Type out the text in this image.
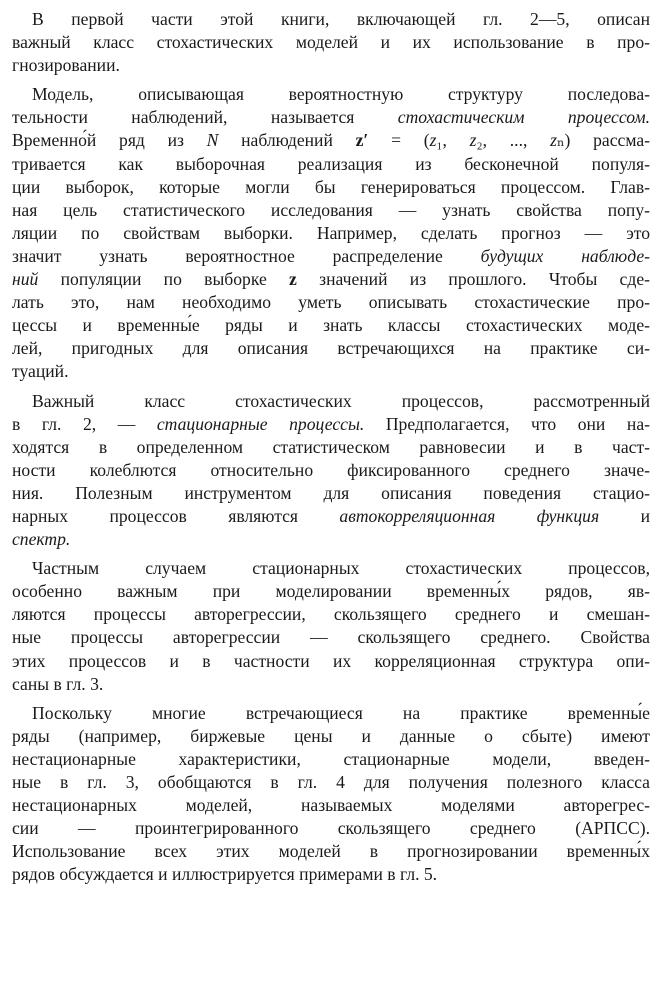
В первой части этой книги, включающей гл. 2—5, описан
важный класс стохастических моделей и их использование в про-
гнозировании.
Модель, описывающая вероятностную структуру последова-
тельности наблюдений, называется стохастическим процессом.
Временно́й ряд из N наблюдений z′ = (z₁, z₂, ..., zₙ) рассма-
тривается как выборочная реализация из бесконечной популя-
ции выборок, которые могли бы генерироваться процессом. Глав-
ная цель статистического исследования — узнать свойства попу-
ляции по свойствам выборки. Например, сделать прогноз — это
значит узнать вероятностное распределение будущих наблюде-
ний популяции по выборке z значений из прошлого. Чтобы сде-
лать это, нам необходимо уметь описывать стохастические про-
цессы и временны́е ряды и знать классы стохастических моде-
лей, пригодных для описания встречающихся на практике си-
туаций.
Важный класс стохастических процессов, рассмотренный
в гл. 2, — стационарные процессы. Предполагается, что они на-
ходятся в определенном статистическом равновесии и в част-
ности колеблются относительно фиксированного среднего значе-
ния. Полезным инструментом для описания поведения стацио-
нарных процессов являются автокорреляционная функция и
спектр.
Частным случаем стационарных стохастических процессов,
особенно важным при моделировании временны́х рядов, яв-
ляются процессы авторегрессии, скользящего среднего и смешан-
ные процессы авторегрессии — скользящего среднего. Свойства
этих процессов и в частности их корреляционная структура опи-
саны в гл. 3.
Поскольку многие встречающиеся на практике временны́е
ряды (например, биржевые цены и данные о сбыте) имеют
нестационарные характеристики, стационарные модели, введен-
ные в гл. 3, обобщаются в гл. 4 для получения полезного класса
нестационарных моделей, называемых моделями авторегрес-
сии — проинтегрированного скользящего среднего (АРПСС).
Использование всех этих моделей в прогнозировании временны́х
рядов обсуждается и иллюстрируется примерами в гл. 5.
